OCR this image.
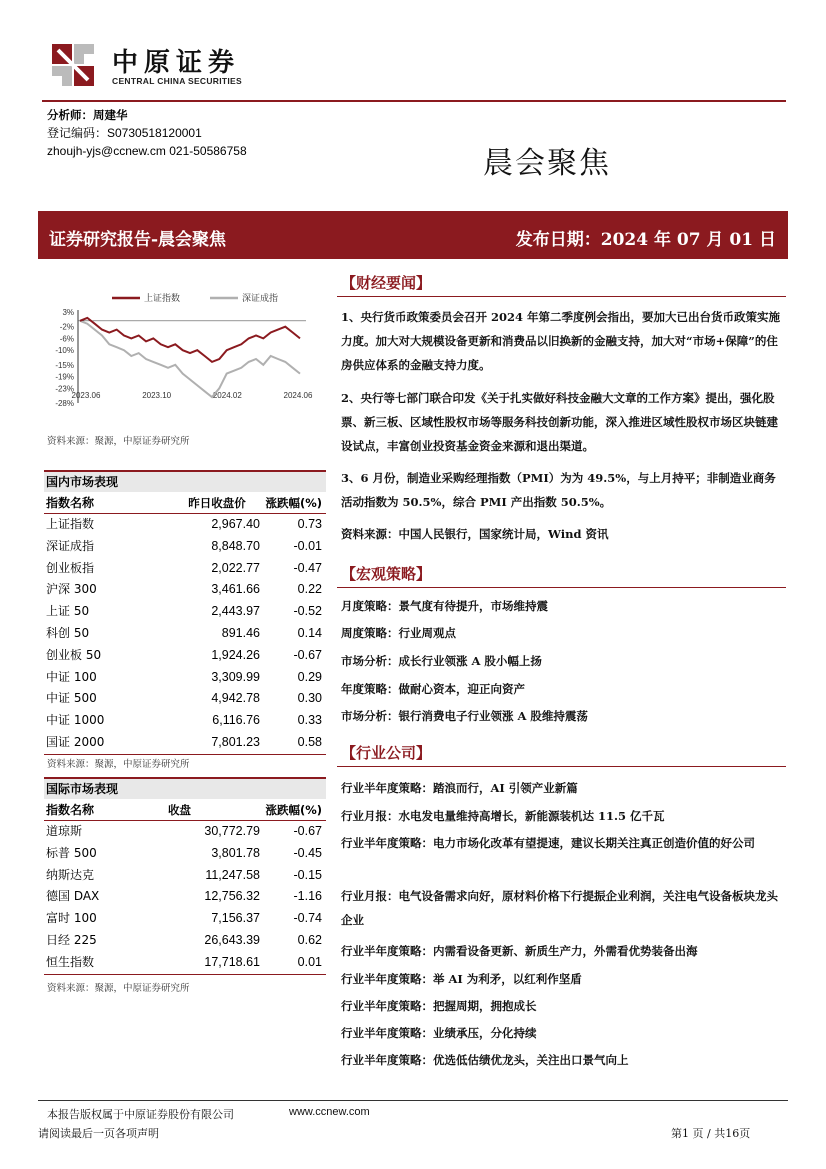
中原证券
CENTRAL CHINA SECURITIES
分析师：周建华
登记编码：S0730518120001
zhoujh-yjs@ccnew.cm 021-50586758	晨会聚焦
证券研究报告-晨会聚焦	发布日期：2024 年 07 月 01 日
3%
-2%
-6%
-10%
-15%
-19%
-23%
-28%
2023.06	2023.10	2024.02	2024.06
上证指数	深证成指
资料来源：聚源，中原证券研究所
国内市场表现
指数名称	昨日收盘价	涨跌幅(%)
上证指数	2,967.40	0.73
深证成指	8,848.70	-0.01
创业板指	2,022.77	-0.47
沪深 300	3,461.66	0.22
上证 50	2,443.97	-0.52
科创 50	891.46	0.14
创业板 50	1,924.26	-0.67
中证 100	3,309.99	0.29
中证 500	4,942.78	0.30
中证 1000	6,116.76	0.33
国证 2000	7,801.23	0.58
资料来源：聚源，中原证券研究所
国际市场表现
指数名称	收盘	涨跌幅(%)
道琼斯	30,772.79	-0.67
标普 500	3,801.78	-0.45
纳斯达克	11,247.58	-0.15
德国 DAX	12,756.32	-1.16
富时 100	7,156.37	-0.74
日经 225	26,643.39	0.62
恒生指数	17,718.61	0.01
资料来源：聚源，中原证券研究所
【财经要闻】
1、央行货币政策委员会召开 2024 年第二季度例会指出，要加大已出台货币政策实施力度。加大对大规模设备更新和消费品以旧换新的金融支持，加大对“市场+保障”的住房供应体系的金融支持力度。
2、央行等七部门联合印发《关于扎实做好科技金融大文章的工作方案》提出，强化股票、新三板、区域性股权市场等服务科技创新功能，深入推进区域性股权市场区块链建设试点，丰富创业投资基金资金来源和退出渠道。
3、6 月份，制造业采购经理指数（PMI）为为 49.5%，与上月持平；非制造业商务活动指数为 50.5%，综合 PMI 产出指数 50.5%。
资料来源：中国人民银行，国家统计局，Wind 资讯
【宏观策略】
月度策略：景气度有待提升，市场维持震
周度策略：行业周观点
市场分析：成长行业领涨 A 股小幅上扬
年度策略：做耐心资本，迎正向资产
市场分析：银行消费电子行业领涨 A 股维持震荡
【行业公司】
行业半年度策略：踏浪而行，AI 引领产业新篇
行业月报：水电发电量维持高增长，新能源装机达 11.5 亿千瓦
行业半年度策略：电力市场化改革有望提速，建议长期关注真正创造价值的好公司
行业月报：电气设备需求向好，原材料价格下行提振企业利润，关注电气设备板块龙头企业
行业半年度策略：内需看设备更新、新质生产力，外需看优势装备出海
行业半年度策略：举 AI 为利矛，以红利作坚盾
行业半年度策略：把握周期，拥抱成长
行业半年度策略：业绩承压，分化持续
行业半年度策略：优选低估绩优龙头，关注出口景气向上
本报告版权属于中原证券股份有限公司	www.ccnew.com
请阅读最后一页各项声明	第1 页 / 共16页
